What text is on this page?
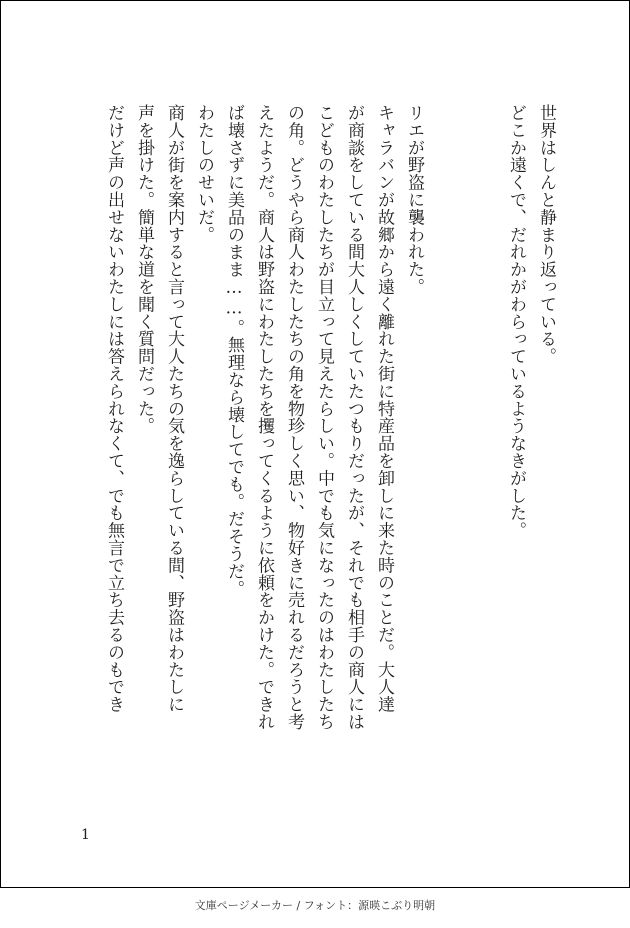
世界はしんと静まり返っている。
どこか遠くで、だれかがわらっているようなきがした。
リエが野盗に襲われた。
キャラバンが故郷から遠く離れた街に特産品を卸しに来た時のことだ。大人達
が商談をしている間大人しくしていたつもりだったが、それでも相手の商人には
こどものわたしたちが目立って見えたらしい。中でも気になったのはわたしたち
の角。どうやら商人わたしたちの角を物珍しく思い、物好きに売れるだろうと考
えたようだ。商人は野盗にわたしたちを攫ってくるように依頼をかけた。できれ
ば壊さずに美品のまま……。無理なら壊してでも。だそうだ。
わたしのせいだ。
商人が街を案内すると言って大人たちの気を逸らしている間、野盗はわたしに
声を掛けた。簡単な道を聞く質問だった。
だけど声の出せないわたしには答えられなくて、でも無言で立ち去るのもでき
1
文庫ページメーカー / フォント：源暎こぶり明朝
